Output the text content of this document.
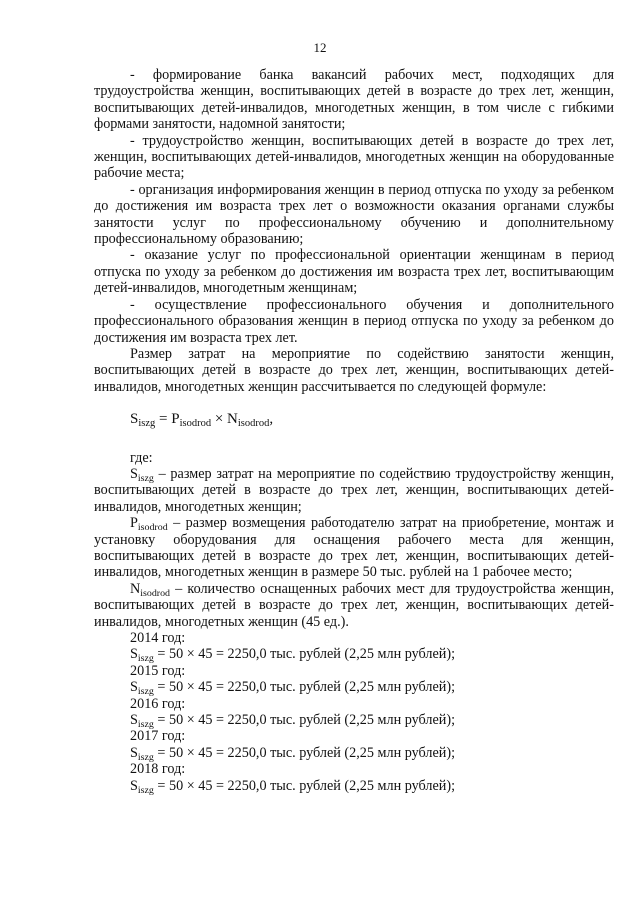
12

- формирование банка вакансий рабочих мест, подходящих для трудоустройства женщин, воспитывающих детей в возрасте до трех лет, женщин, воспитывающих детей-инвалидов, многодетных женщин, в том числе с гибкими формами занятости, надомной занятости;

- трудоустройство женщин, воспитывающих детей в возрасте до трех лет, женщин, воспитывающих детей-инвалидов, многодетных женщин на оборудованные рабочие места;

- организация информирования женщин в период отпуска по уходу за ребенком до достижения им возраста трех лет о возможности оказания органами службы занятости услуг по профессиональному обучению и дополнительному профессиональному образованию;

- оказание услуг по профессиональной ориентации женщинам в период отпуска по уходу за ребенком до достижения им возраста трех лет, воспитывающим детей-инвалидов, многодетным женщинам;

- осуществление профессионального обучения и дополнительного профессионального образования женщин в период отпуска по уходу за ребенком до достижения им возраста трех лет.

Размер затрат на мероприятие по содействию занятости женщин, воспитывающих детей в возрасте до трех лет, женщин, воспитывающих детей-инвалидов, многодетных женщин рассчитывается по следующей формуле:

$S_{iszg} = P_{isodrod} \times N_{isodrod}$,

где:

$S_{iszg}$ – размер затрат на мероприятие по содействию трудоустройству женщин, воспитывающих детей в возрасте до трех лет, женщин, воспитывающих детей-инвалидов, многодетных женщин;

$P_{isodrod}$ – размер возмещения работодателю затрат на приобретение, монтаж и установку оборудования для оснащения рабочего места для женщин, воспитывающих детей в возрасте до трех лет, женщин, воспитывающих детей-инвалидов, многодетных женщин в размере 50 тыс. рублей на 1 рабочее место;

$N_{isodrod}$ – количество оснащенных рабочих мест для трудоустройства женщин, воспитывающих детей в возрасте до трех лет, женщин, воспитывающих детей-инвалидов, многодетных женщин (45 ед.).

2014 год:

$S_{iszg} = 50 \times 45 = 2250,0$ тыс. рублей (2,25 млн рублей);

2015 год:

$S_{iszg} = 50 \times 45 = 2250,0$ тыс. рублей (2,25 млн рублей);

2016 год:

$S_{iszg} = 50 \times 45 = 2250,0$ тыс. рублей (2,25 млн рублей);

2017 год:

$S_{iszg} = 50 \times 45 = 2250,0$ тыс. рублей (2,25 млн рублей);

2018 год:

$S_{iszg} = 50 \times 45 = 2250,0$ тыс. рублей (2,25 млн рублей);
